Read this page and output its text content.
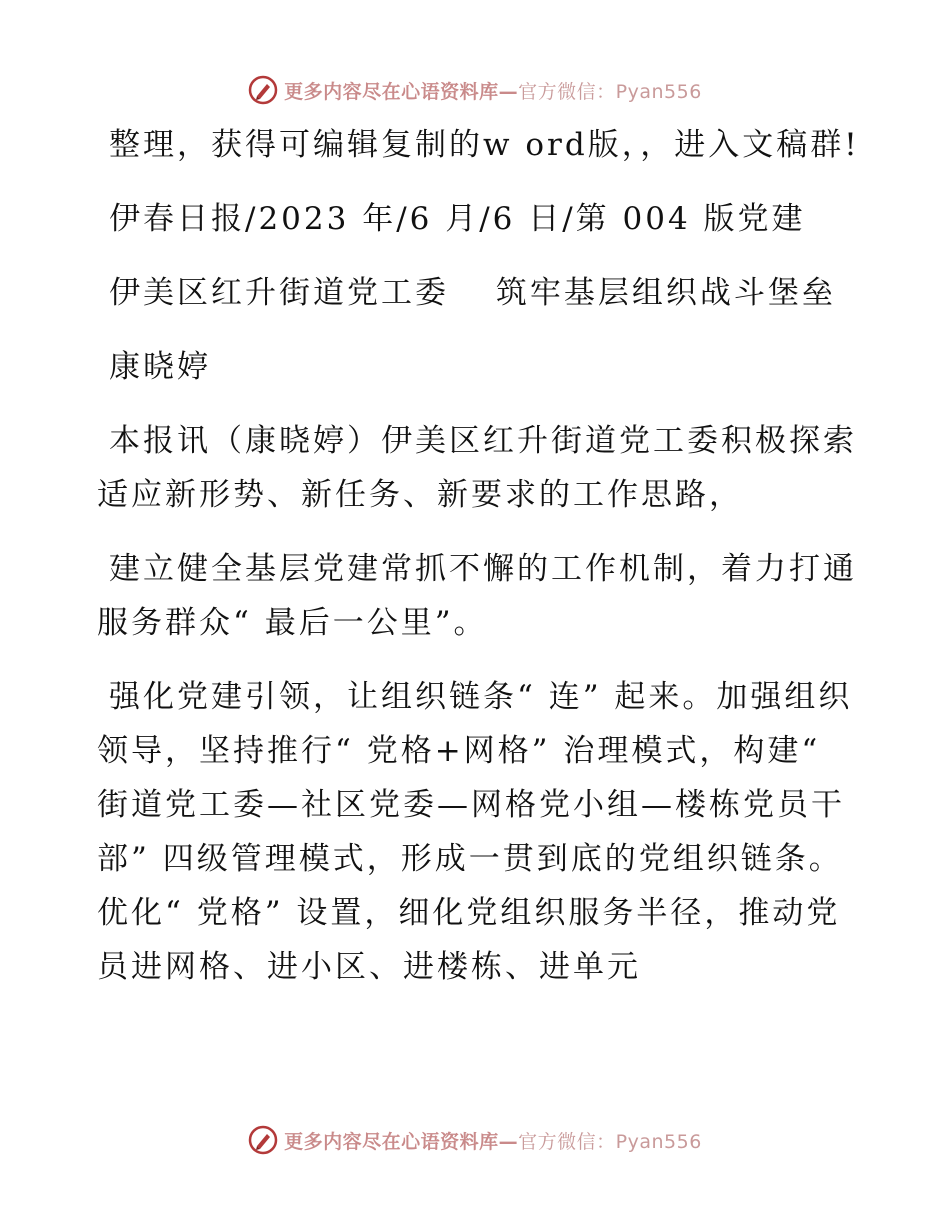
更多内容尽在心语资料库—官方微信：Pyan556

整理，获得可编辑复制的w ord版，，进入文稿群!

伊春日报/2023 年/6 月/6 日/第 004 版党建

伊美区红升街道党工委　 筑牢基层组织战斗堡垒

康晓婷

本报讯（康晓婷）伊美区红升街道党工委积极探索适应新形势、新任务、新要求的工作思路，

建立健全基层党建常抓不懈的工作机制，着力打通服务群众“ 最后一公里”。

强化党建引领，让组织链条“ 连” 起来。加强组织领导，坚持推行“ 党格+网格” 治理模式，构建“ 街道党工委—社区党委—网格党小组—楼栋党员干部” 四级管理模式，形成一贯到底的党组织链条。优化“ 党格” 设置，细化党组织服务半径，推动党员进网格、进小区、进楼栋、进单元

更多内容尽在心语资料库—官方微信：Pyan556
